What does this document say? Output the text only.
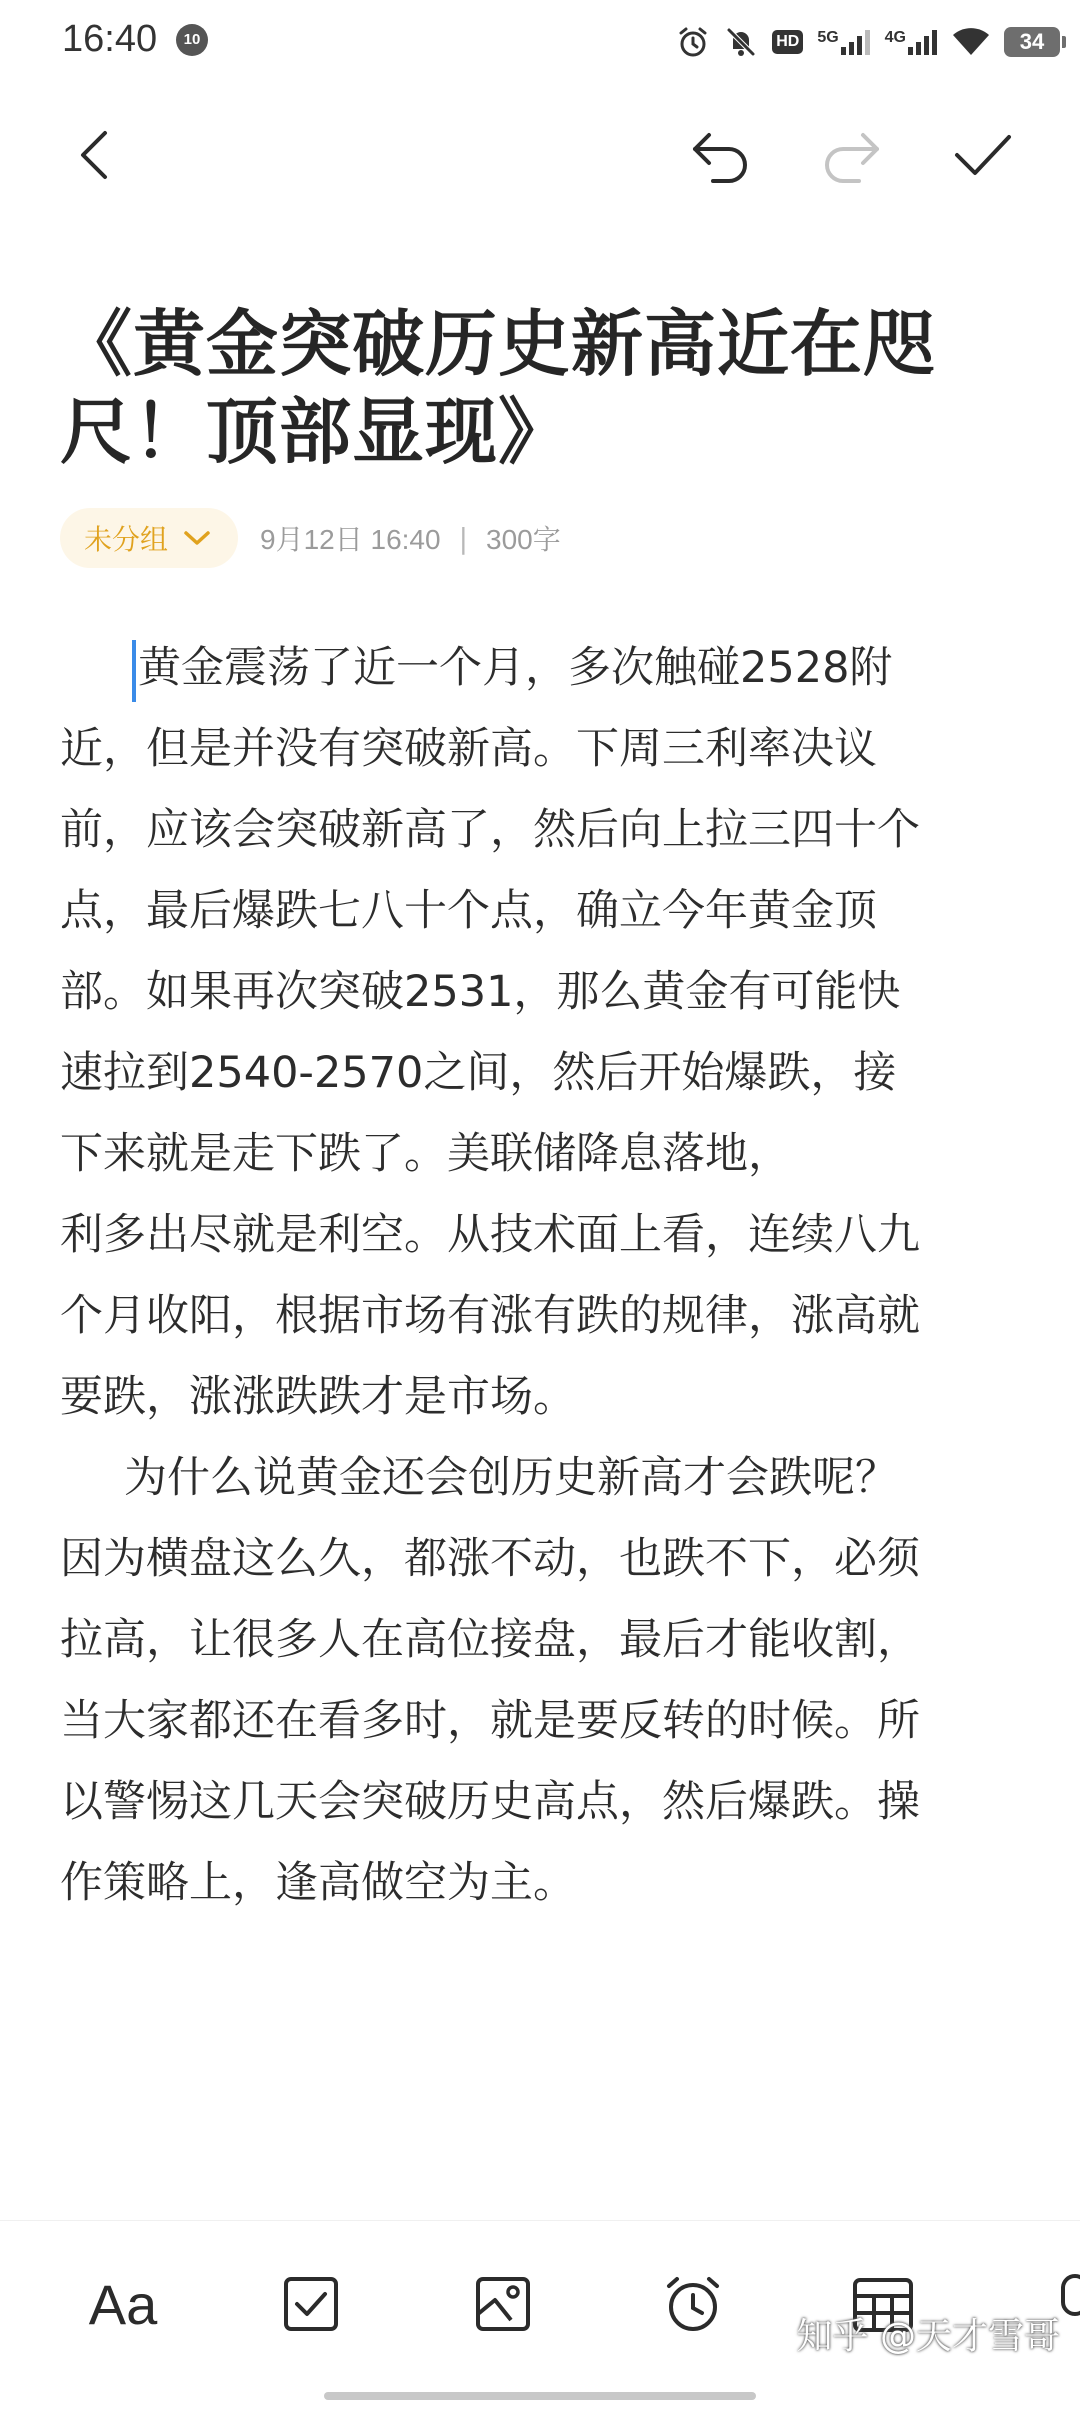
16:40	10	HD 5G	4G	34
《黄金突破历史新高近在咫尺！顶部显现》
未分组	9月12日 16:40 | 300字

黄金震荡了近一个月，多次触碰2528附
近，但是并没有突破新高。下周三利率决议
前，应该会突破新高了，然后向上拉三四十个
点，最后爆跌七八十个点，确立今年黄金顶
部。如果再次突破2531，那么黄金有可能快
速拉到2540-2570之间，然后开始爆跌，接
下来就是走下跌了。美联储降息落地，
利多出尽就是利空。从技术面上看，连续八九
个月收阳，根据市场有涨有跌的规律，涨高就
要跌，涨涨跌跌才是市场。

为什么说黄金还会创历史新高才会跌呢？
因为横盘这么久，都涨不动，也跌不下，必须
拉高，让很多人在高位接盘，最后才能收割，
当大家都还在看多时，就是要反转的时候。所
以警惕这几天会突破历史高点，然后爆跌。操
作策略上，逢高做空为主。

Aa
知乎 @天才雪哥
